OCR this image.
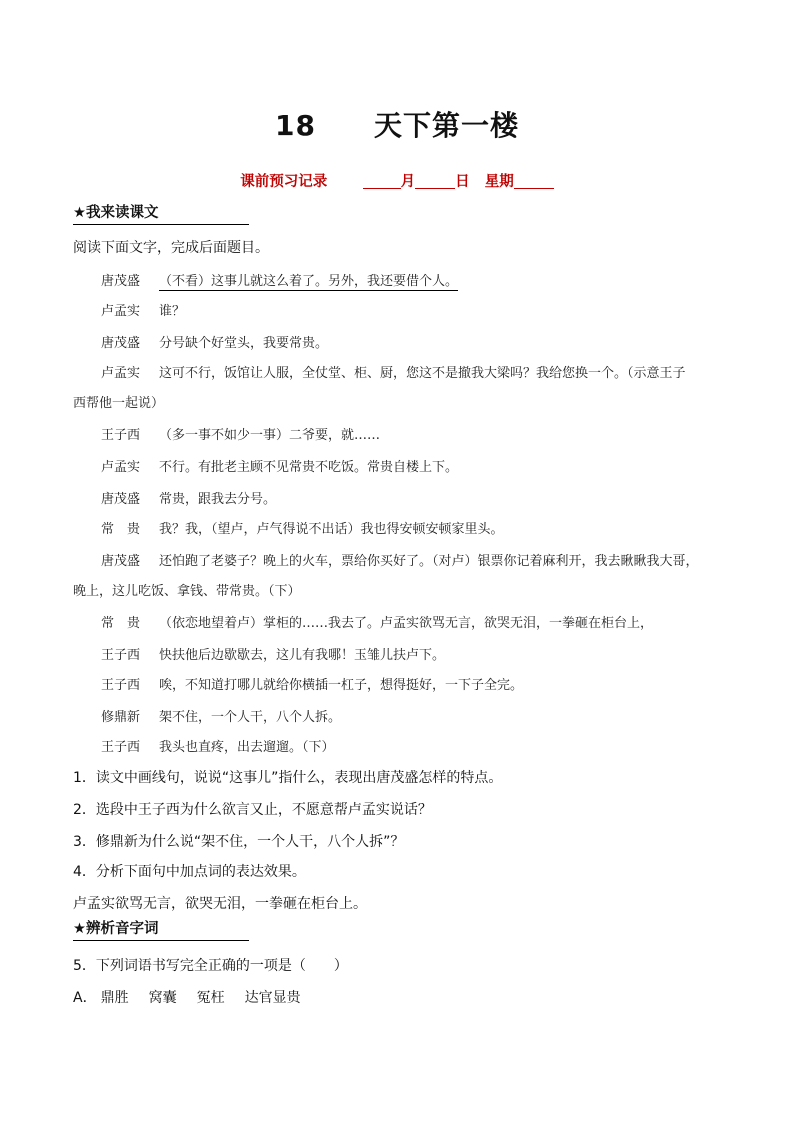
18 天下第一楼
课前预习记录	月	日 星期
★我来读课文
阅读下面文字，完成后面题目。
唐茂盛 （不看）这事儿就这么着了。另外，我还要借个人。
卢孟实 谁？
唐茂盛 分号缺个好堂头，我要常贵。
卢孟实 这可不行，饭馆让人服，全仗堂、柜、厨，您这不是撤我大梁吗？我给您换一个。（示意王子
西帮他一起说）
王子西 （多一事不如少一事）二爷要，就……
卢孟实 不行。有批老主顾不见常贵不吃饭。常贵自楼上下。
唐茂盛 常贵，跟我去分号。
常　贵 我？我，（望卢，卢气得说不出话）我也得安顿安顿家里头。
唐茂盛 还怕跑了老婆子？晚上的火车，票给你买好了。（对卢）银票你记着麻利开，我去瞅瞅我大哥，
晚上，这儿吃饭、拿钱、带常贵。（下）
常　贵 （依恋地望着卢）掌柜的……我去了。卢孟实欲骂无言，欲哭无泪，一拳砸在柜台上，
王子西 快扶他后边歇歇去，这儿有我哪！玉雏儿扶卢下。
王子西 唉，不知道打哪儿就给你横插一杠子，想得挺好，一下子全完。
修鼎新 架不住，一个人干，八个人拆。
王子西 我头也直疼，出去遛遛。（下）
1．读文中画线句，说说“这事儿”指什么，表现出唐茂盛怎样的特点。
2．选段中王子西为什么欲言又止，不愿意帮卢孟实说话？
3．修鼎新为什么说“架不住，一个人干，八个人拆”？
4．分析下面句中加点词的表达效果。
卢孟实欲骂无言，欲哭无泪，一拳砸在柜台上。
★辨析音字词
5．下列词语书写完全正确的一项是（　　）
A． 鼎胜 窝囊 冤枉 达官显贵
